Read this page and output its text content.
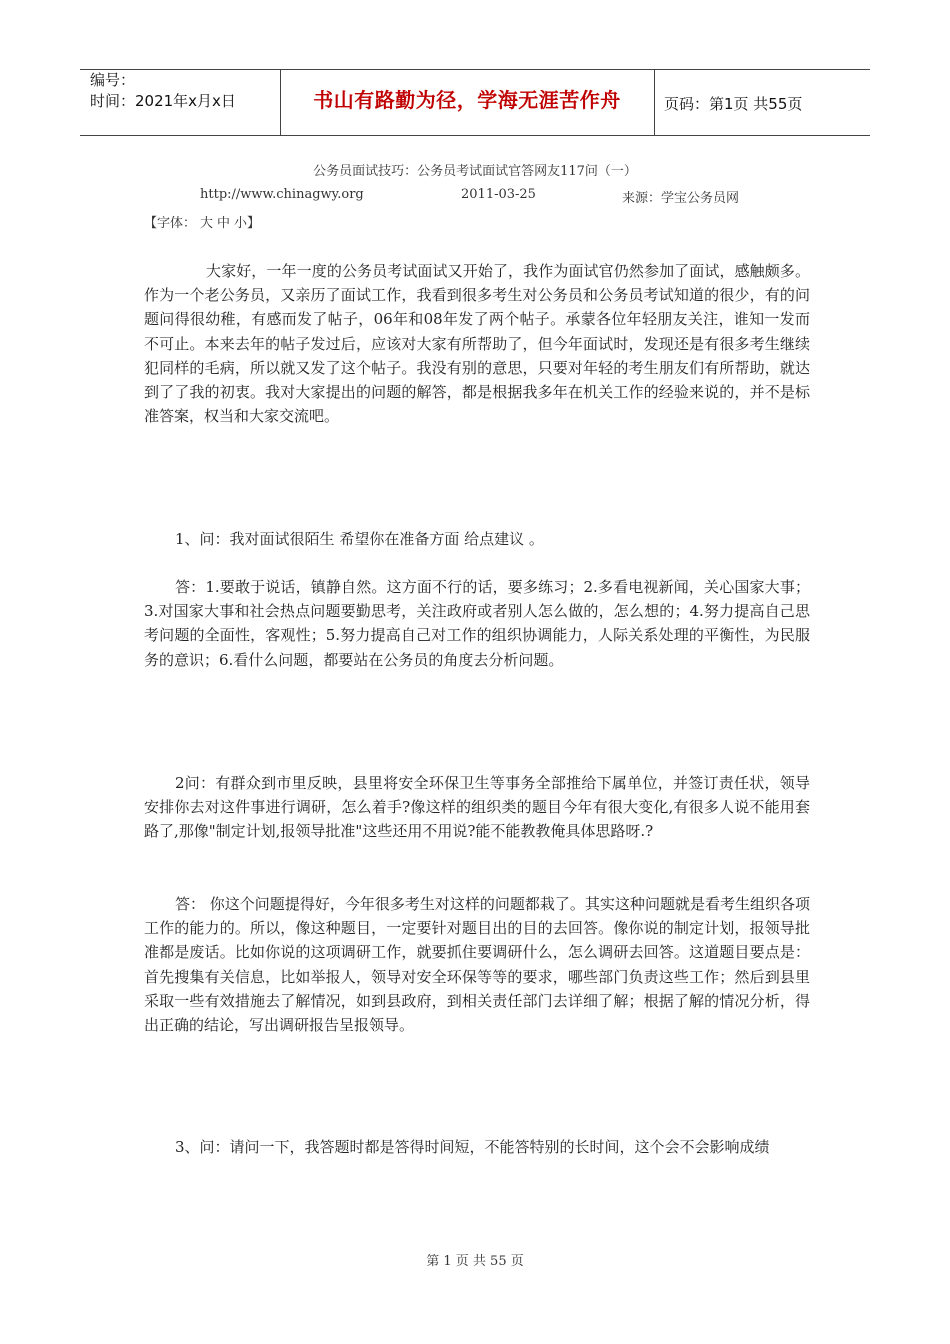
编号：
时间：2021年x月x日	书山有路勤为径，学海无涯苦作舟	页码：第1页 共55页
公务员面试技巧：公务员考试面试官答网友117问（一）
http://www.chinagwy.org	2011-03-25	来源：学宝公务员网
【字体： 大 中 小】
大家好，一年一度的公务员考试面试又开始了，我作为面试官仍然参加了面试，感触颇多。作为一个老公务员，又亲历了面试工作，我看到很多考生对公务员和公务员考试知道的很少，有的问题问得很幼稚，有感而发了帖子，06年和08年发了两个帖子。承蒙各位年轻朋友关注，谁知一发而不可止。本来去年的帖子发过后，应该对大家有所帮助了，但今年面试时，发现还是有很多考生继续犯同样的毛病，所以就又发了这个帖子。我没有别的意思，只要对年轻的考生朋友们有所帮助，就达到了了我的初衷。我对大家提出的问题的解答，都是根据我多年在机关工作的经验来说的，并不是标准答案，权当和大家交流吧。
1、问：我对面试很陌生 希望你在准备方面 给点建议 。
答：1.要敢于说话，镇静自然。这方面不行的话，要多练习；2.多看电视新闻，关心国家大事；3.对国家大事和社会热点问题要勤思考，关注政府或者别人怎么做的，怎么想的；4.努力提高自己思考问题的全面性，客观性；5.努力提高自己对工作的组织协调能力，人际关系处理的平衡性，为民服务的意识；6.看什么问题，都要站在公务员的角度去分析问题。
2问：有群众到市里反映，县里将安全环保卫生等事务全部推给下属单位，并签订责任状，领导安排你去对这件事进行调研，怎么着手?像这样的组织类的题目今年有很大变化,有很多人说不能用套路了,那像"制定计划,报领导批准"这些还用不用说?能不能教教俺具体思路呀.?
答： 你这个问题提得好，今年很多考生对这样的问题都栽了。其实这种问题就是看考生组织各项工作的能力的。所以，像这种题目，一定要针对题目出的目的去回答。像你说的制定计划，报领导批准都是废话。比如你说的这项调研工作，就要抓住要调研什么，怎么调研去回答。这道题目要点是：首先搜集有关信息，比如举报人，领导对安全环保等等的要求，哪些部门负责这些工作；然后到县里采取一些有效措施去了解情况，如到县政府，到相关责任部门去详细了解；根据了解的情况分析，得出正确的结论，写出调研报告呈报领导。
3、问：请问一下，我答题时都是答得时间短，不能答特别的长时间，这个会不会影响成绩
第 1 页 共 55 页
